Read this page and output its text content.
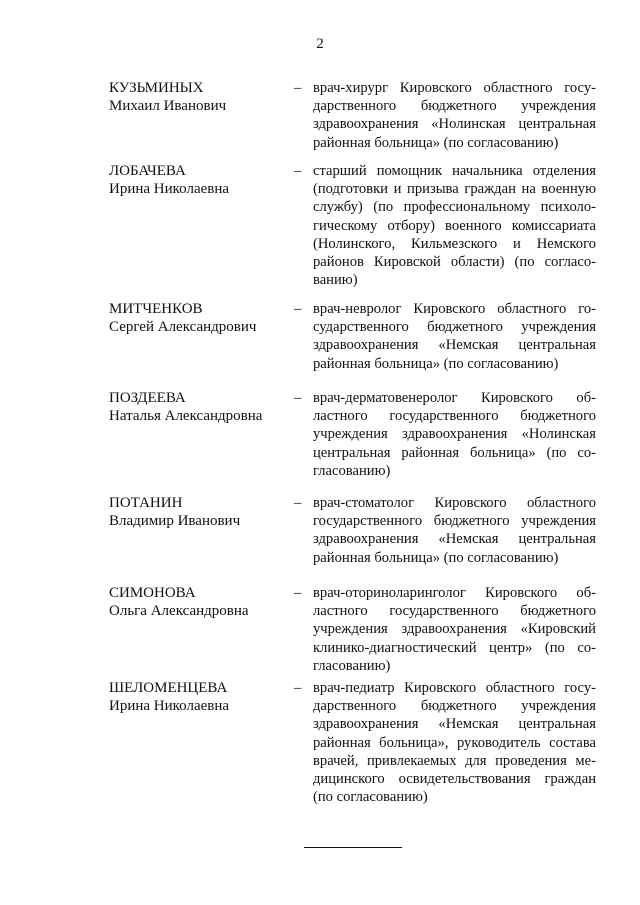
2
КУЗЬМИНЫХ
Михаил Иванович
– врач-хирург Кировского областного госу-
дарственного бюджетного учреждения
здравоохранения «Нолинская центральная
районная больница» (по согласованию)
ЛОБАЧЕВА
Ирина Николаевна
– старший помощник начальника отделения
(подготовки и призыва граждан на военную
службу) (по профессиональному психоло-
гическому отбору) военного комиссариата
(Нолинского, Кильмезского и Немского
районов Кировской области) (по согласо-
ванию)
МИТЧЕНКОВ
Сергей Александрович
– врач-невролог Кировского областного го-
сударственного бюджетного учреждения
здравоохранения «Немская центральная
районная больница» (по согласованию)
ПОЗДЕЕВА
Наталья Александровна
– врач-дерматовенеролог Кировского об-
ластного государственного бюджетного
учреждения здравоохранения «Нолинская
центральная районная больница» (по со-
гласованию)
ПОТАНИН
Владимир Иванович
– врач-стоматолог Кировского областного
государственного бюджетного учреждения
здравоохранения «Немская центральная
районная больница» (по согласованию)
СИМОНОВА
Ольга Александровна
– врач-оториноларинголог Кировского об-
ластного государственного бюджетного
учреждения здравоохранения «Кировский
клинико-диагностический центр» (по со-
гласованию)
ШЕЛОМЕНЦЕВА
Ирина Николаевна
– врач-педиатр Кировского областного госу-
дарственного бюджетного учреждения
здравоохранения «Немская центральная
районная больница», руководитель состава
врачей, привлекаемых для проведения ме-
дицинского освидетельствования граждан
(по согласованию)
